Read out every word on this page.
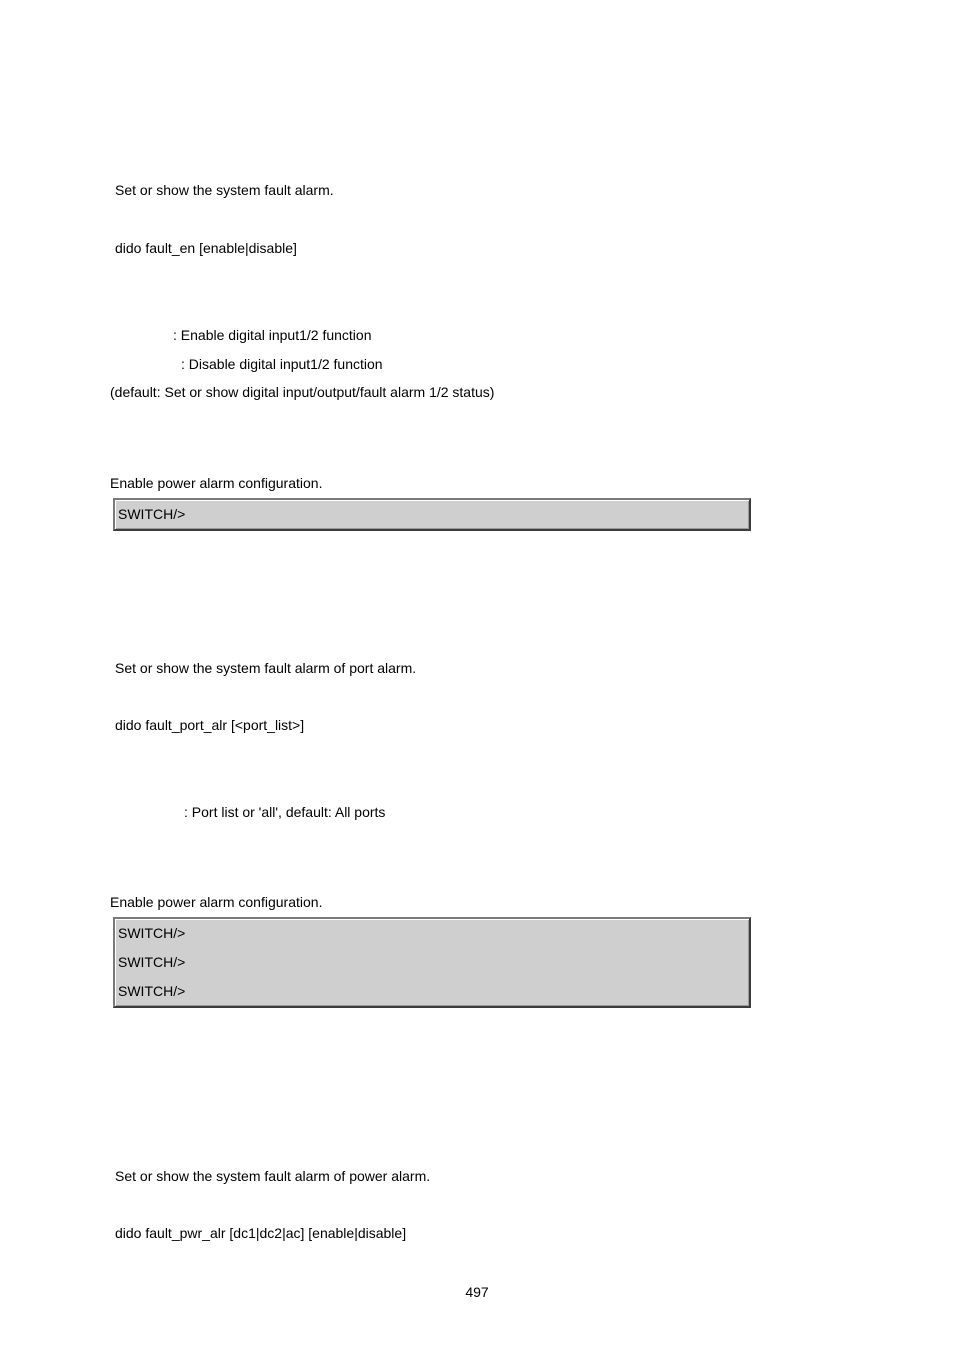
Set or show the system fault alarm.
dido fault_en [enable|disable]
: Enable digital input1/2 function
: Disable digital input1/2 function
(default: Set or show digital input/output/fault alarm 1/2 status)
Enable power alarm configuration.
SWITCH/>
Set or show the system fault alarm of port alarm.
dido fault_port_alr [<port_list>]
: Port list or 'all', default: All ports
Enable power alarm configuration.
SWITCH/>
SWITCH/>
SWITCH/>
Set or show the system fault alarm of power alarm.
dido fault_pwr_alr [dc1|dc2|ac] [enable|disable]
497
